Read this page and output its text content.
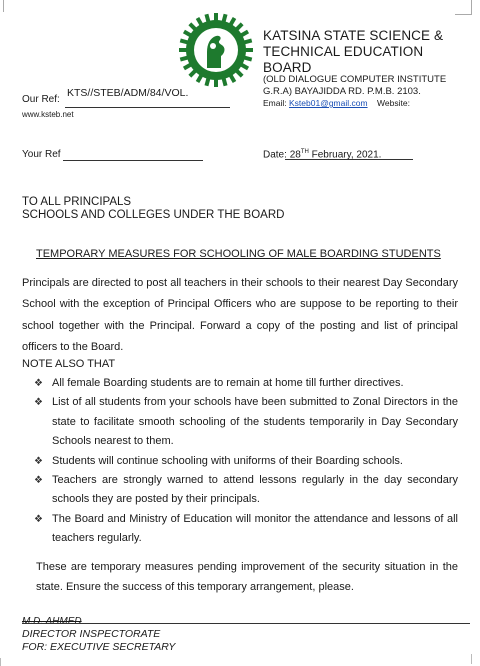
KATSINA STATE SCIENCE &
TECHNICAL EDUCATION
BOARD
(OLD DIALOGUE COMPUTER INSTITUTE
G.R.A) BAYAJIDDA RD. P.M.B. 2103.
Email: Ksteb01@gmail.com Website:
Our Ref:
KTS//STEB/ADM/84/VOL.
www.ksteb.net
Your Ref	Date: 28TH February, 2021.
TO ALL PRINCIPALS
SCHOOLS AND COLLEGES UNDER THE BOARD
TEMPORARY MEASURES FOR SCHOOLING OF MALE BOARDING STUDENTS
Principals are directed to post all teachers in their schools to their nearest Day Secondary School with the exception of Principal Officers who are suppose to be reporting to their school together with the Principal. Forward a copy of the posting and list of principal officers to the Board.
NOTE ALSO THAT
❖ All female Boarding students are to remain at home till further directives.
❖ List of all students from your schools have been submitted to Zonal Directors in the state to facilitate smooth schooling of the students temporarily in Day Secondary Schools nearest to them.
❖ Students will continue schooling with uniforms of their Boarding schools.
❖ Teachers are strongly warned to attend lessons regularly in the day secondary schools they are posted by their principals.
❖ The Board and Ministry of Education will monitor the attendance and lessons of all teachers regularly.
These are temporary measures pending improvement of the security situation in the state. Ensure the success of this temporary arrangement, please.
M.D. AHMED
DIRECTOR INSPECTORATE
FOR: EXECUTIVE SECRETARY
